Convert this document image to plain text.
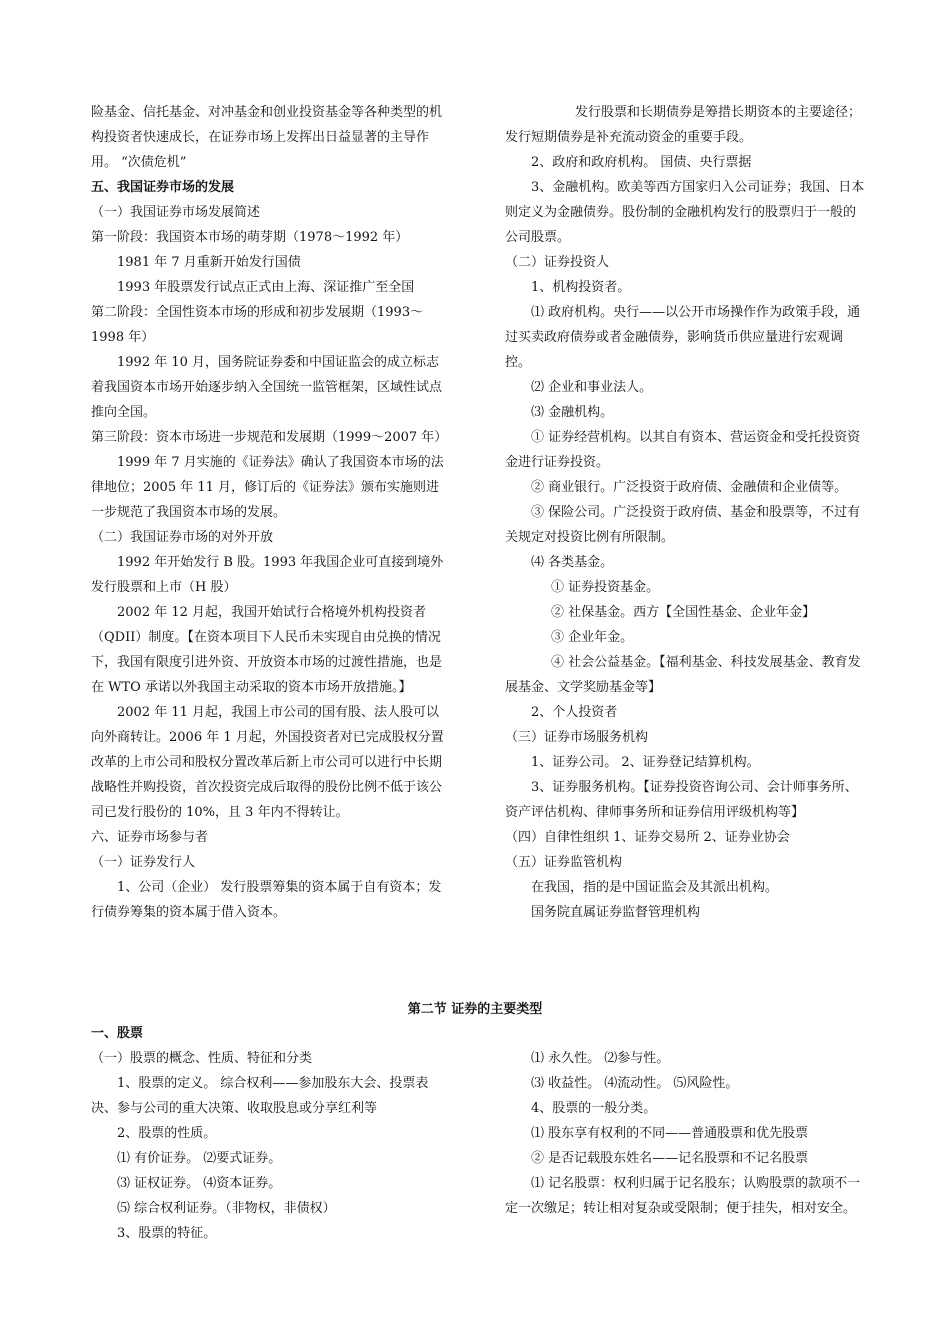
险基金、信托基金、对冲基金和创业投资基金等各种类型的机构投资者快速成长，在证券市场上发挥出日益显著的主导作用。 “次债危机”

五、我国证券市场的发展

（一）我国证券市场发展简述

第一阶段：我国资本市场的萌芽期（1978～1992 年）

1981 年 7 月重新开始发行国债

1993 年股票发行试点正式由上海、深证推广至全国

第二阶段：全国性资本市场的形成和初步发展期（1993～1998 年）

1992 年 10 月，国务院证券委和中国证监会的成立标志着我国资本市场开始逐步纳入全国统一监管框架，区域性试点推向全国。

第三阶段：资本市场进一步规范和发展期（1999～2007 年）

1999 年 7 月实施的《证券法》确认了我国资本市场的法律地位；2005 年 11 月，修订后的《证券法》颁布实施则进一步规范了我国资本市场的发展。

（二）我国证券市场的对外开放

1992 年开始发行 B 股。1993 年我国企业可直接到境外发行股票和上市（H 股）

2002 年 12 月起，我国开始试行合格境外机构投资者（QDII）制度。【在资本项目下人民币未实现自由兑换的情况下，我国有限度引进外资、开放资本市场的过渡性措施，也是在 WTO 承诺以外我国主动采取的资本市场开放措施。】

2002 年 11 月起，我国上市公司的国有股、法人股可以向外商转让。2006 年 1 月起，外国投资者对已完成股权分置改革的上市公司和股权分置改革后新上市公司可以进行中长期战略性并购投资，首次投资完成后取得的股份比例不低于该公司已发行股份的 10%，且 3 年内不得转让。

六、证券市场参与者

（一）证券发行人

1、公司（企业） 发行股票筹集的资本属于自有资本；发行债券筹集的资本属于借入资本。

发行股票和长期债券是筹措长期资本的主要途径；发行短期债券是补充流动资金的重要手段。

2、政府和政府机构。 国债、央行票据

3、金融机构。欧美等西方国家归入公司证券；我国、日本则定义为金融债券。股份制的金融机构发行的股票归于一般的公司股票。

（二）证券投资人

1、机构投资者。

⑴ 政府机构。央行——以公开市场操作作为政策手段，通过买卖政府债券或者金融债券，影响货币供应量进行宏观调控。

⑵ 企业和事业法人。

⑶ 金融机构。

① 证券经营机构。以其自有资本、营运资金和受托投资资金进行证券投资。

② 商业银行。广泛投资于政府债、金融债和企业债等。

③ 保险公司。广泛投资于政府债、基金和股票等，不过有关规定对投资比例有所限制。

⑷ 各类基金。

① 证券投资基金。

② 社保基金。西方【全国性基金、企业年金】

③ 企业年金。

④ 社会公益基金。【福利基金、科技发展基金、教育发展基金、文学奖励基金等】

2、个人投资者

（三）证券市场服务机构

1、证券公司。 2、证券登记结算机构。

3、证券服务机构。【证券投资咨询公司、会计师事务所、资产评估机构、律师事务所和证券信用评级机构等】

（四）自律性组织 1、证券交易所 2、证券业协会

（五）证券监管机构

在我国，指的是中国证监会及其派出机构。

国务院直属证券监督管理机构

第二节 证券的主要类型

一、股票

（一）股票的概念、性质、特征和分类

1、股票的定义。 综合权利——参加股东大会、投票表决、参与公司的重大决策、收取股息或分享红利等

2、股票的性质。

⑴ 有价证券。 ⑵要式证券。

⑶ 证权证券。 ⑷资本证券。

⑸ 综合权利证券。（非物权，非债权）

3、股票的特征。

⑴ 永久性。 ⑵参与性。

⑶ 收益性。 ⑷流动性。 ⑸风险性。

4、股票的一般分类。

⑴ 股东享有权利的不同——普通股票和优先股票

② 是否记载股东姓名——记名股票和不记名股票

⑴ 记名股票：权利归属于记名股东；认购股票的款项不一定一次缴足；转让相对复杂或受限制；便于挂失，相对安全。
